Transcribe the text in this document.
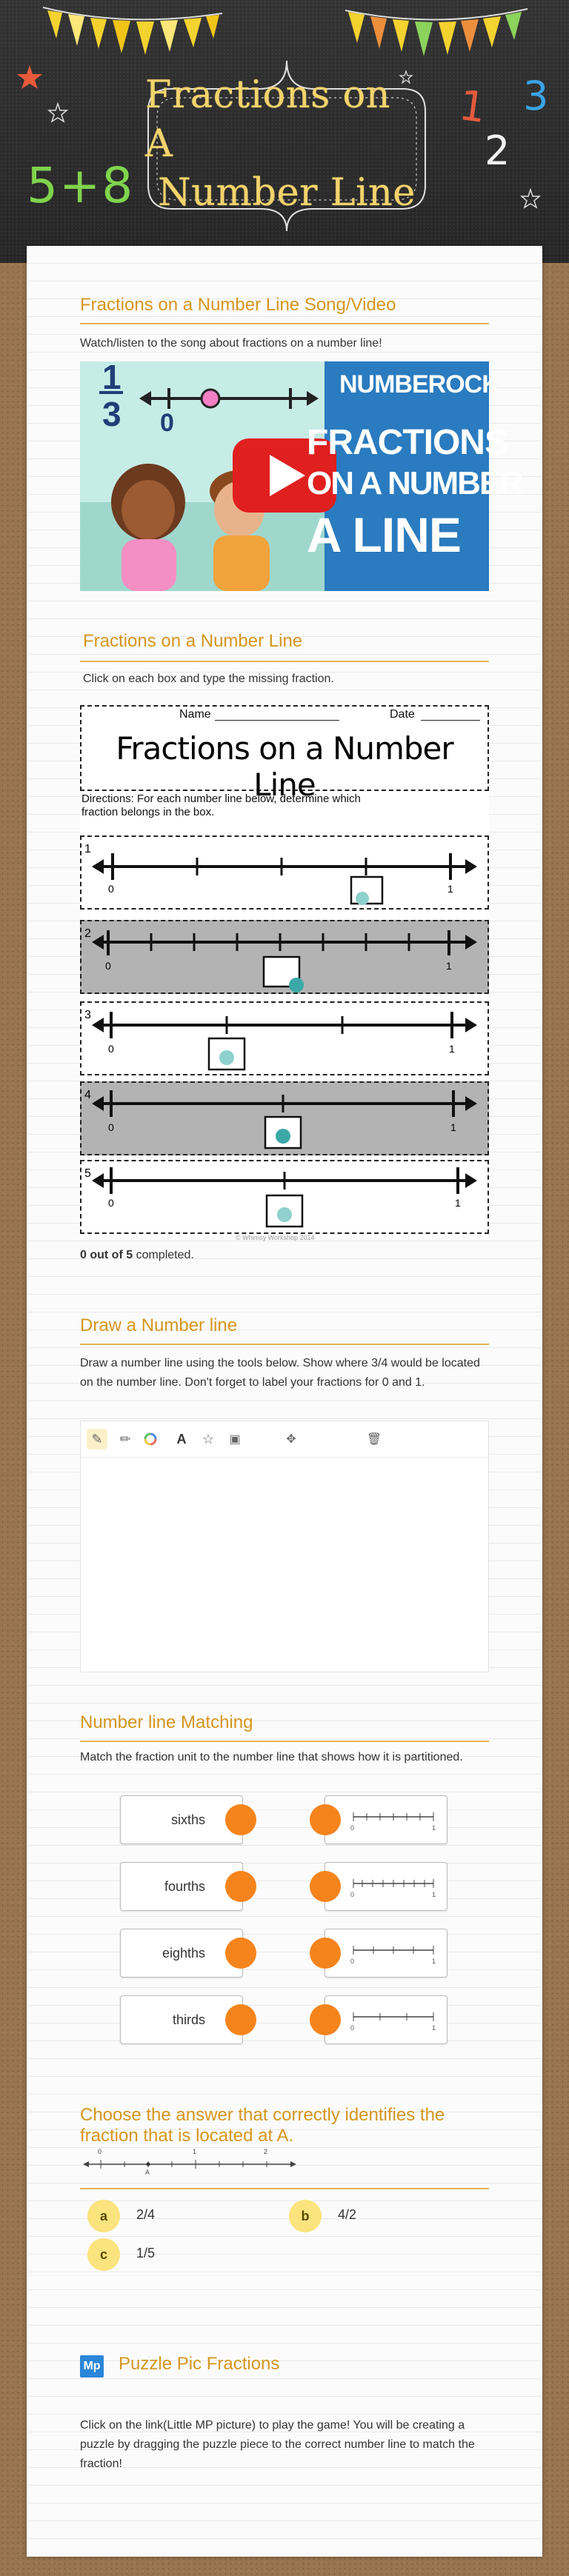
1
2
3
5+8
Fractions on A
Number Line
Fractions on a Number Line Song/Video
Watch/listen to the song about fractions on a number line!
1
3 0
NUMBEROCK
FRACTIONS
ON A NUMBER
A LINE
Fractions on a Number Line
Click on each box and type the missing fraction.
Name	Date
Fractions on a Number Line
Directions: For each number line below, determine which
fraction belongs in the box.
1
0	1
2
0	1
3
0	1
4
0	1
5
0	1
© Whimsy Workshop 2014
0 out of 5 completed.
Draw a Number line
Draw a number line using the tools below. Show where 3/4 would be located on the number line. Don't forget to label your fractions for 0 and 1.
✎	✏	A	☆	▣	✥	🗑
Number line Matching
Match the fraction unit to the number line that shows how it is partitioned.
sixths
0	1
fourths
0	1
eighths
0	1
thirds
0	1
Choose the answer that correctly identifies the
fraction that is located at A.
0	1	2
A
a	2/4	b	4/2
c	1/5
Mp Puzzle Pic Fractions
Click on the link(Little MP picture) to play the game! You will be creating a puzzle by dragging the puzzle piece to the correct number line to match the fraction!
